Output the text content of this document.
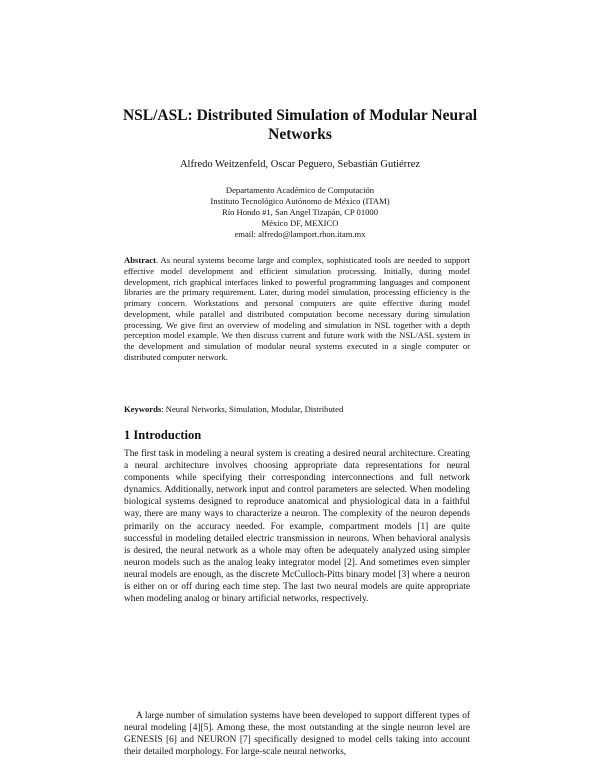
NSL/ASL: Distributed Simulation of Modular Neural Networks
Alfredo Weitzenfeld, Oscar Peguero, Sebastián Gutiérrez
Departamento Académico de Computación
Instituto Tecnológico Autónomo de México (ITAM)
Río Hondo #1, San Angel Tizapán, CP 01000
México DF, MEXICO
email: alfredo@lamport.rhon.itam.mx
Abstract. As neural systems become large and complex, sophisticated tools are needed to support effective model development and efficient simulation processing. Initially, during model development, rich graphical interfaces linked to powerful programming languages and component libraries are the primary requirement. Later, during model simulation, processing efficiency is the primary concern. Workstations and personal computers are quite effective during model development, while parallel and distributed computation become necessary during simulation processing. We give first an overview of modeling and simulation in NSL together with a depth perception model example. We then discuss current and future work with the NSL/ASL system in the development and simulation of modular neural systems executed in a single computer or distributed computer network.
Keywords: Neural Networks, Simulation, Modular, Distributed
1 Introduction

The first task in modeling a neural system is creating a desired neural architecture. Creating a neural architecture involves choosing appropriate data representations for neural components while specifying their corresponding interconnections and full network dynamics. Additionally, network input and control parameters are selected. When modeling biological systems designed to reproduce anatomical and physiological data in a faithful way, there are many ways to characterize a neuron. The complexity of the neuron depends primarily on the accuracy needed. For example, compartment models [1] are quite successful in modeling detailed electric transmission in neurons. When behavioral analysis is desired, the neural network as a whole may often be adequately analyzed using simpler neuron models such as the analog leaky integrator model [2]. And sometimes even simpler neural models are enough, as the discrete McCulloch-Pitts binary model [3] where a neuron is either on or off during each time step. The last two neural models are quite appropriate when modeling analog or binary artificial networks, respectively.

A large number of simulation systems have been developed to support different types of neural modeling [4][5]. Among these, the most outstanding at the single neuron level are GENESIS [6] and NEURON [7] specifically designed to model cells taking into account their detailed morphology. For large-scale neural networks,
